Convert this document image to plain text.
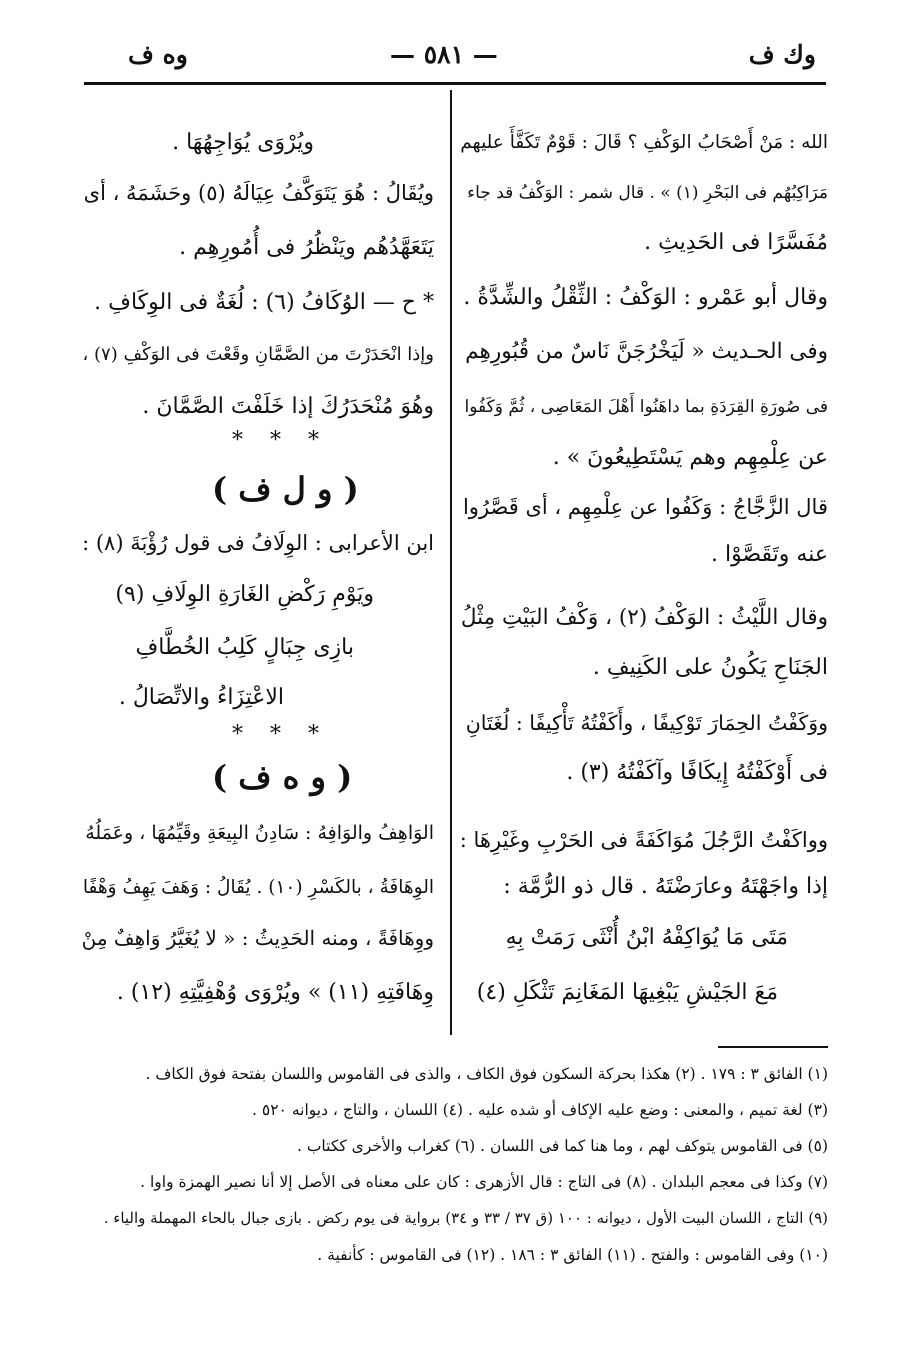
وك ف
— ٥٨١ —
وه ف
الله : مَنْ أَصْحَابُ الوَكْفِ ؟ قَالَ : قَوْمٌ تَكَفَّأَ عليهم
مَرَاكِبُهُم فى البَحْرِ (١) » . قال شمر : الوَكْفُ قد جاء
مُفَسَّرًا فى الحَدِيثِ .
وقال أبو عَمْرو : الوَكْفُ : الثِّقْلُ والشِّدَّةُ .
وفى الحـديث « لَيَخْرُجَنَّ نَاسٌ من قُبُورِهِم
فى صُورَةِ القِرَدَةِ بما داهَنُوا أَهْلَ المَعَاصِى ، ثُمَّ وَكَفُوا
عن عِلْمِهِم وهم يَسْتَطِيعُونَ » .
قال الزَّجَّاجُ : وَكَفُوا عن عِلْمِهِم ، أى قَصَّرُوا
عنه وتَقَصَّوْا .
وقال اللَّيْثُ : الوَكْفُ (٢) ، وَكْفُ البَيْتِ مِثْلُ
الجَنَاحِ يَكُونُ على الكَنِيفِ .
ووَكَفْتُ الحِمَارَ تَوْكِيفًا ، وأَكَفْتُهُ تَأْكِيفًا : لُغَتَانِ
فى أَوْكَفْتُهُ إِيكَافًا وآكَفْتُهُ (٣) .
وواكَفْتُ الرَّجُلَ مُوَاكَفَةً فى الحَرْبِ وغَيْرِهَا :
إذا واجَهْتَهُ وعارَضْتَهُ . قال ذو الرُّمَّة :
مَتَى مَا يُوَاكِفْهُ ابْنُ أُنْثَى رَمَتْ بِهِ
مَعَ الجَيْشِ يَبْغِيهَا المَغَانِمَ تَثْكَلِ (٤)
ويُرْوَى يُوَاجِهُهَا .
ويُقَالُ : هُوَ يَتَوَكَّفُ عِيَالَهُ (٥) وحَشَمَهُ ، أى
يَتَعَهَّدُهُم ويَنْظُرُ فى أُمُورِهِم .
* ح — الوُكَافُ (٦) : لُغَةٌ فى الوِكَافِ .
وإذا انْحَدَرْتَ من الصَّمَّانِ وقَعْتَ فى الوَكْفِ (٧) ،
وهُوَ مُنْحَدَرُكَ إذا خَلَفْتَ الصَّمَّانَ .
* * *
( و ل ف )
ابن الأعرابى : الوِلَافُ فى قول رُؤْبَةَ (٨) :
ويَوْمِ رَكْضِ الغَارَةِ الوِلَافِ (٩)
بازِى جِبَالٍ كَلِبُ الخُطَّافِ
الاعْتِزَاءُ والاتِّصَالُ .
* * *
( و ه ف )
الوَاهِفُ والوَافِهُ : سَادِنُ البِيعَةِ وقَيِّمُهَا ، وعَمَلُهُ
الوِهَافَةُ ، بالكَسْرِ (١٠) . يُقَالُ : وَهَفَ يَهِفُ وَهْفًا
ووِهَافَةً ، ومنه الحَدِيثُ : « لا يُغَيَّرُ وَاهِفٌ مِنْ
وِهَافَتِهِ (١١) » ويُرْوَى وُهْفِيَّتِهِ (١٢) .
(١) الفائق ٣ : ١٧٩ . (٢) هكذا بحركة السكون فوق الكاف ، والذى فى القاموس واللسان بفتحة فوق الكاف .
(٣) لغة تميم ، والمعنى : وضع عليه الإكاف أو شده عليه . (٤) اللسان ، والتاج ، ديوانه ٥٢٠ .
(٥) فى القاموس يتوكف لهم ، وما هنا كما فى اللسان . (٦) كغراب والأخرى ككتاب .
(٧) وكذا فى معجم البلدان . (٨) فى التاج : قال الأزهرى : كان على معناه فى الأصل إلا أنا نصير الهمزة واوا .
(٩) التاج ، اللسان البيت الأول ، ديوانه : ١٠٠ (ق ٣٧ / ٣٣ و ٣٤) برواية فى يوم ركض . بازى جبال بالحاء المهملة والياء .
(١٠) وفى القاموس : والفتح . (١١) الفائق ٣ : ١٨٦ . (١٢) فى القاموس : كأنفية .
